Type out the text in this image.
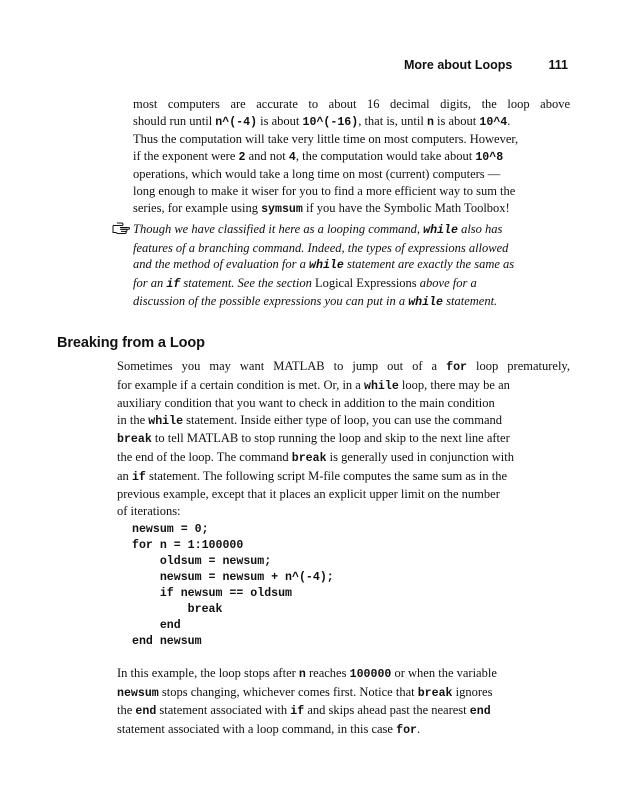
More about Loops	111
most computers are accurate to about 16 decimal digits, the loop above
should run until n^(-4) is about 10^(-16), that is, until n is about 10^4.
Thus the computation will take very little time on most computers. However,
if the exponent were 2 and not 4, the computation would take about 10^8
operations, which would take a long time on most (current) computers —
long enough to make it wiser for you to find a more efficient way to sum the
series, for example using symsum if you have the Symbolic Math Toolbox!
Though we have classified it here as a looping command, while also has
features of a branching command. Indeed, the types of expressions allowed
and the method of evaluation for a while statement are exactly the same as
for an if statement. See the section Logical Expressions above for a
discussion of the possible expressions you can put in a while statement.
Breaking from a Loop
Sometimes you may want MATLAB to jump out of a for loop prematurely,
for example if a certain condition is met. Or, in a while loop, there may be an
auxiliary condition that you want to check in addition to the main condition
in the while statement. Inside either type of loop, you can use the command
break to tell MATLAB to stop running the loop and skip to the next line after
the end of the loop. The command break is generally used in conjunction with
an if statement. The following script M-file computes the same sum as in the
previous example, except that it places an explicit upper limit on the number
of iterations:
newsum = 0;
for n = 1:100000
oldsum = newsum;
newsum = newsum + n^(-4);
if newsum == oldsum
break
end
end newsum
In this example, the loop stops after n reaches 100000 or when the variable
newsum stops changing, whichever comes first. Notice that break ignores
the end statement associated with if and skips ahead past the nearest end
statement associated with a loop command, in this case for.
